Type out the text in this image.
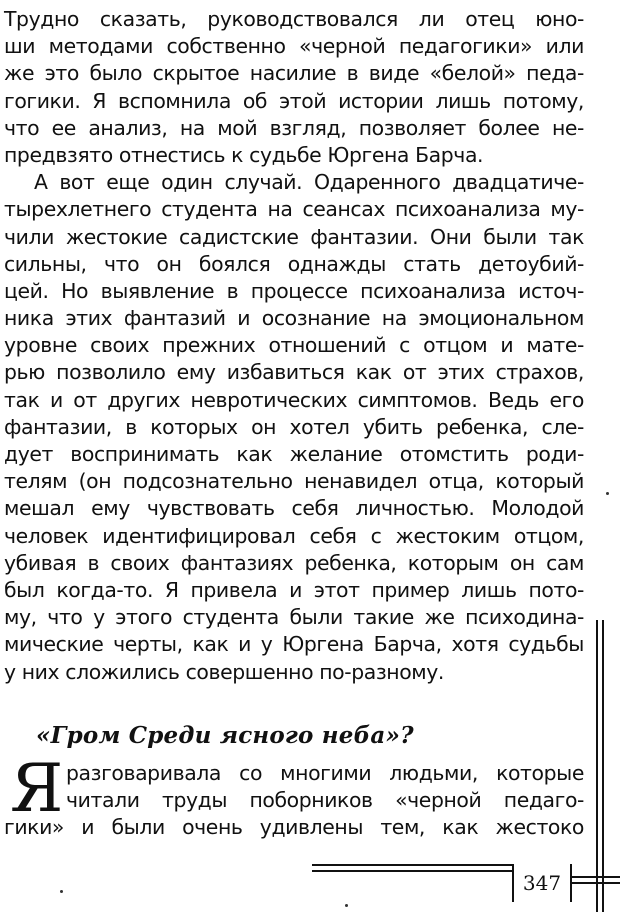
Трудно сказать, руководствовался ли отец юно-
ши методами собственно «черной педагогики» или
же это было скрытое насилие в виде «белой» педа-
гогики. Я вспомнила об этой истории лишь потому,
что ее анализ, на мой взгляд, позволяет более не-
предвзято отнестись к судьбе Юргена Барча.
А вот еще один случай. Одаренного двадцатиче-
тырехлетнего студента на сеансах психоанализа му-
чили жестокие садистские фантазии. Они были так
сильны, что он боялся однажды стать детоубий-
цей. Но выявление в процессе психоанализа источ-
ника этих фантазий и осознание на эмоциональном
уровне своих прежних отношений с отцом и мате-
рью позволило ему избавиться как от этих страхов,
так и от других невротических симптомов. Ведь его
фантазии, в которых он хотел убить ребенка, сле-
дует воспринимать как желание отомстить роди-
телям (он подсознательно ненавидел отца, который
мешал ему чувствовать себя личностью. Молодой
человек идентифицировал себя с жестоким отцом,
убивая в своих фантазиях ребенка, которым он сам
был когда-то. Я привела и этот пример лишь пото-
му, что у этого студента были такие же психодина-
мические черты, как и у Юргена Барча, хотя судьбы
у них сложились совершенно по-разному.
«Гром Среди ясного неба»?
Я разговаривала со многими людьми, которые
читали труды поборников «черной педаго-
гики» и были очень удивлены тем, как жестоко
347
